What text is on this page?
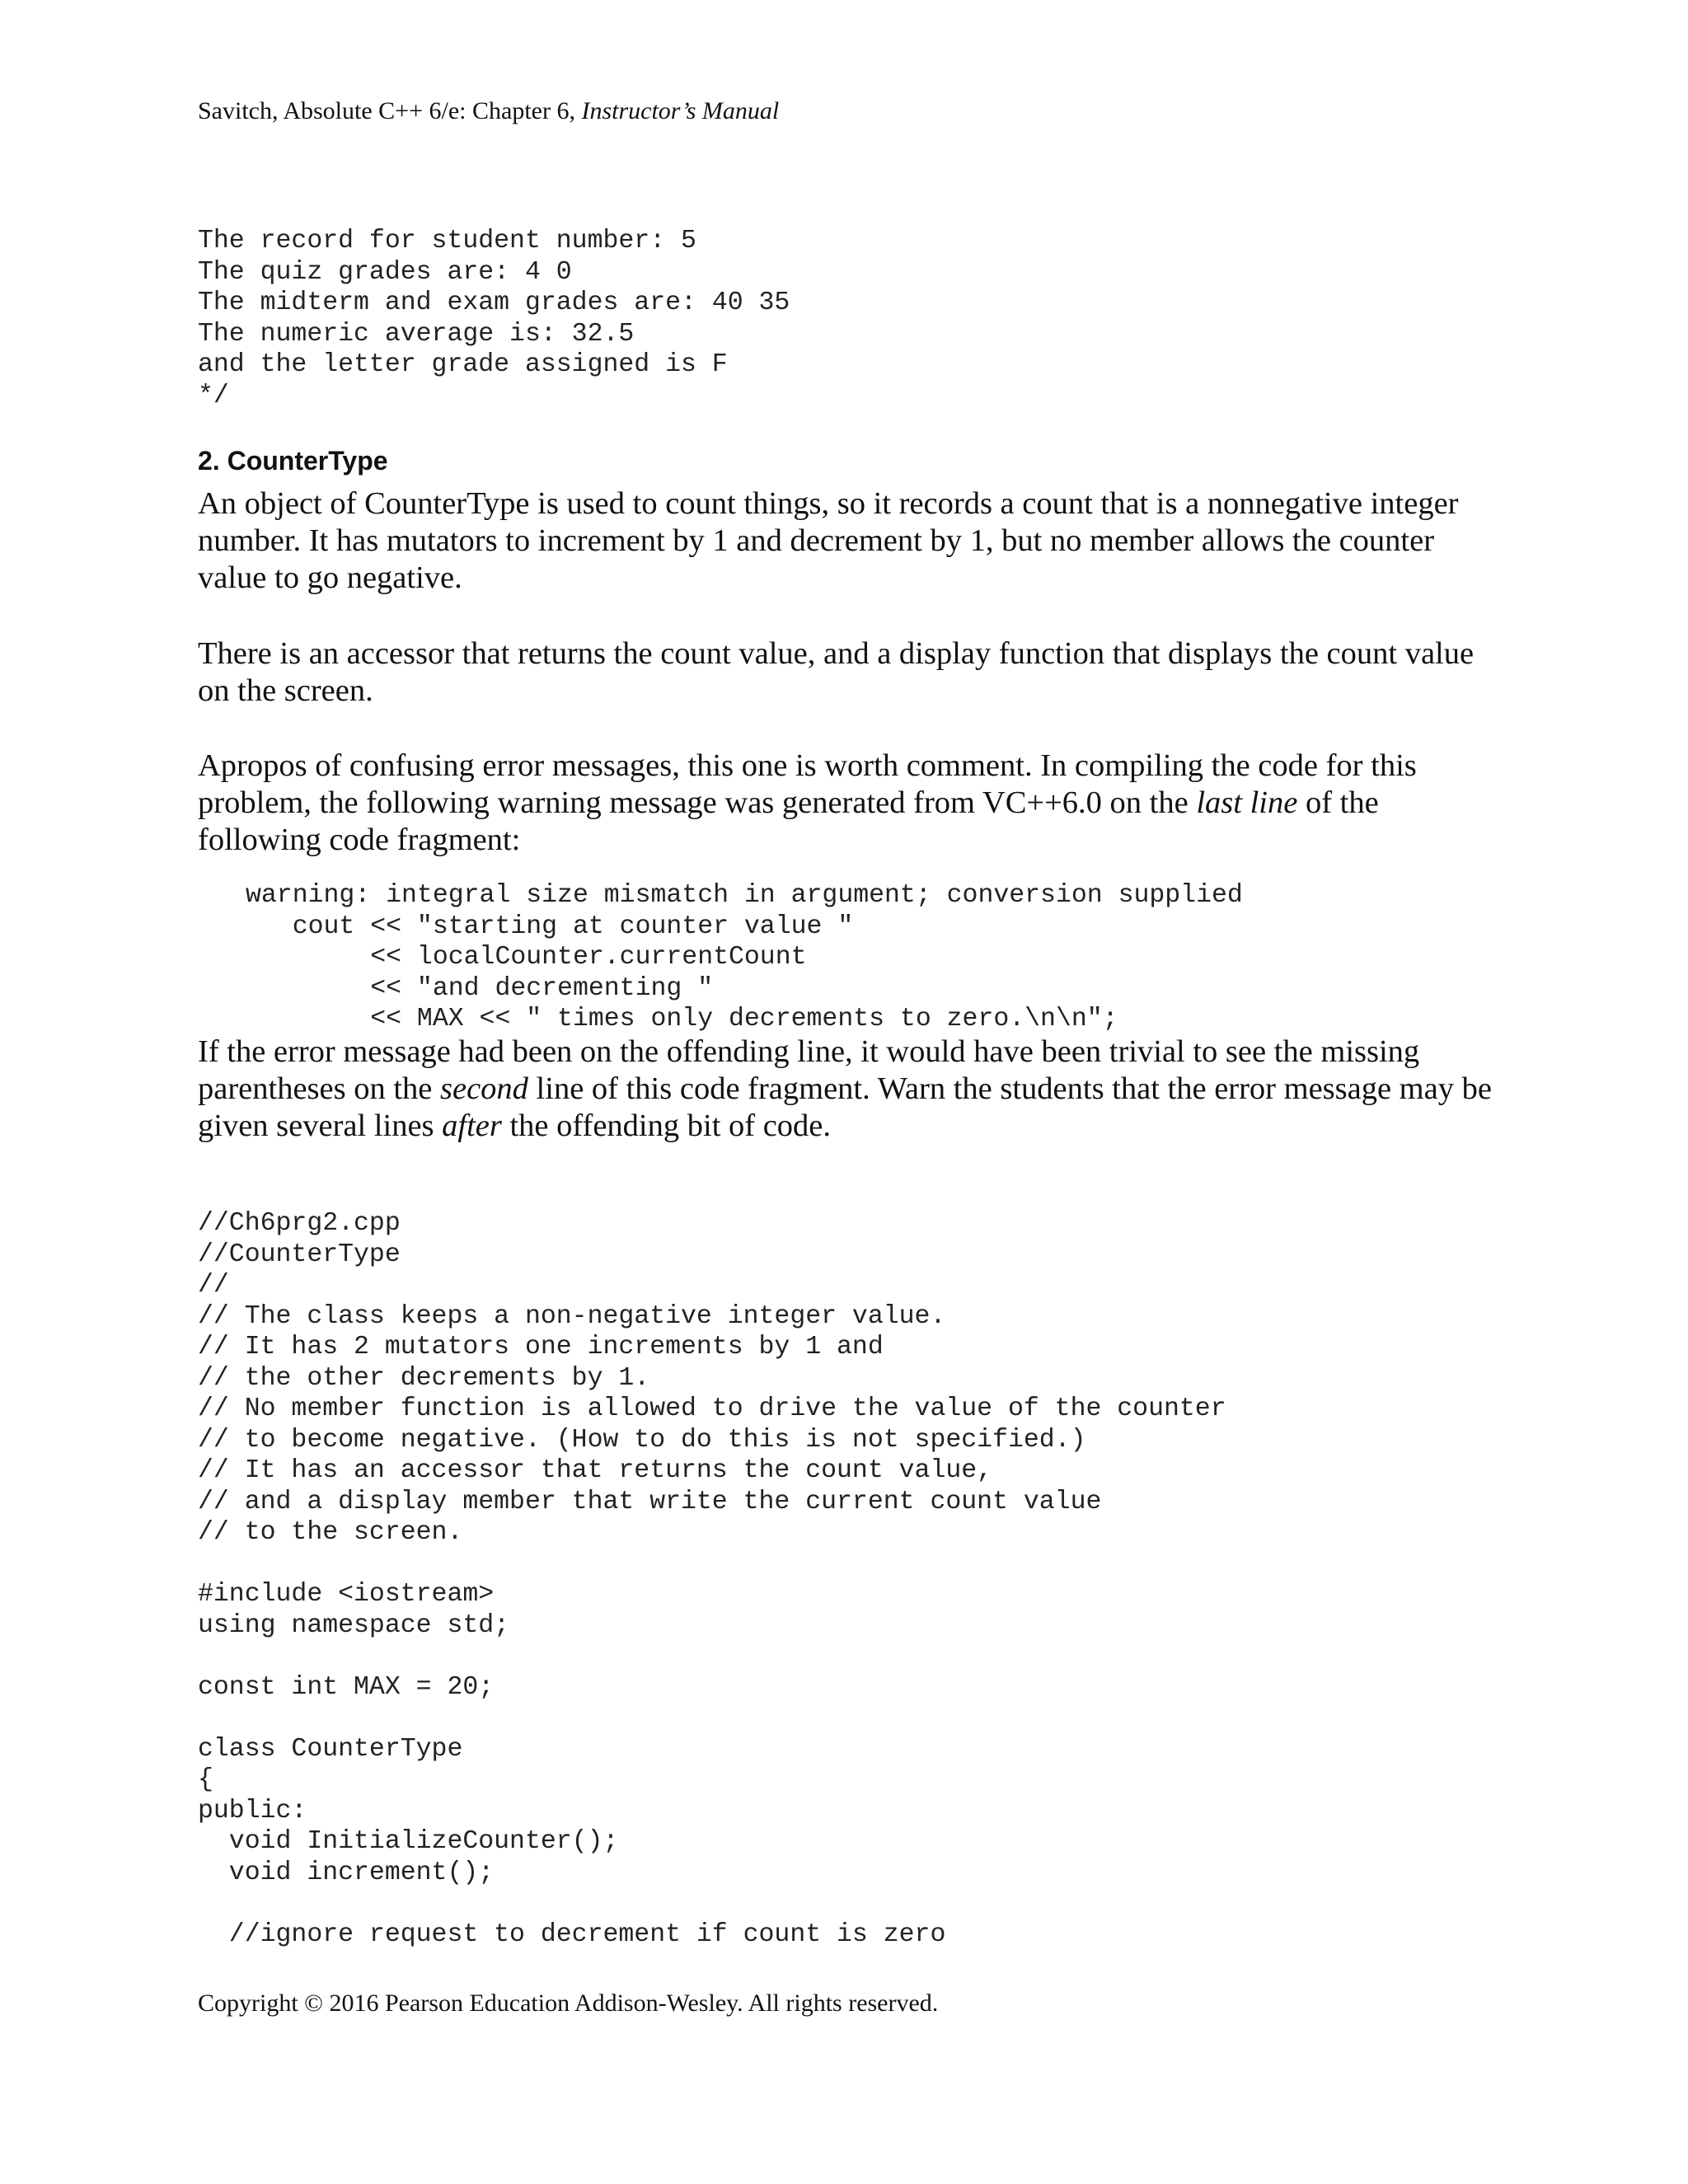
Savitch, Absolute C++ 6/e: Chapter 6, Instructor’s Manual
The record for student number: 5
The quiz grades are: 4 0
The midterm and exam grades are: 40 35
The numeric average is: 32.5
and the letter grade assigned is F
*/
2. CounterType

An object of CounterType is used to count things, so it records a count that is a nonnegative integer number. It has mutators to increment by 1 and decrement by 1, but no member allows the counter value to go negative.

There is an accessor that returns the count value, and a display function that displays the count value on the screen.

Apropos of confusing error messages, this one is worth comment. In compiling the code for this problem, the following warning message was generated from VC++6.0 on the last line of the following code fragment:

warning: integral size mismatch in argument; conversion supplied
cout << "starting at counter value "
<< localCounter.currentCount
<< "and decrementing "
<< MAX << " times only decrements to zero.\n\n";

If the error message had been on the offending line, it would have been trivial to see the missing parentheses on the second line of this code fragment. Warn the students that the error message may be given several lines after the offending bit of code.

//Ch6prg2.cpp
//CounterType
//
// The class keeps a non-negative integer value.
// It has 2 mutators one increments by 1 and
// the other decrements by 1.
// No member function is allowed to drive the value of the counter
// to become negative. (How to do this is not specified.)
// It has an accessor that returns the count value,
// and a display member that write the current count value
// to the screen.

#include <iostream>
using namespace std;

const int MAX = 20;

class CounterType
{
public:
void InitializeCounter();
void increment();

//ignore request to decrement if count is zero
Copyright © 2016 Pearson Education Addison-Wesley. All rights reserved.
